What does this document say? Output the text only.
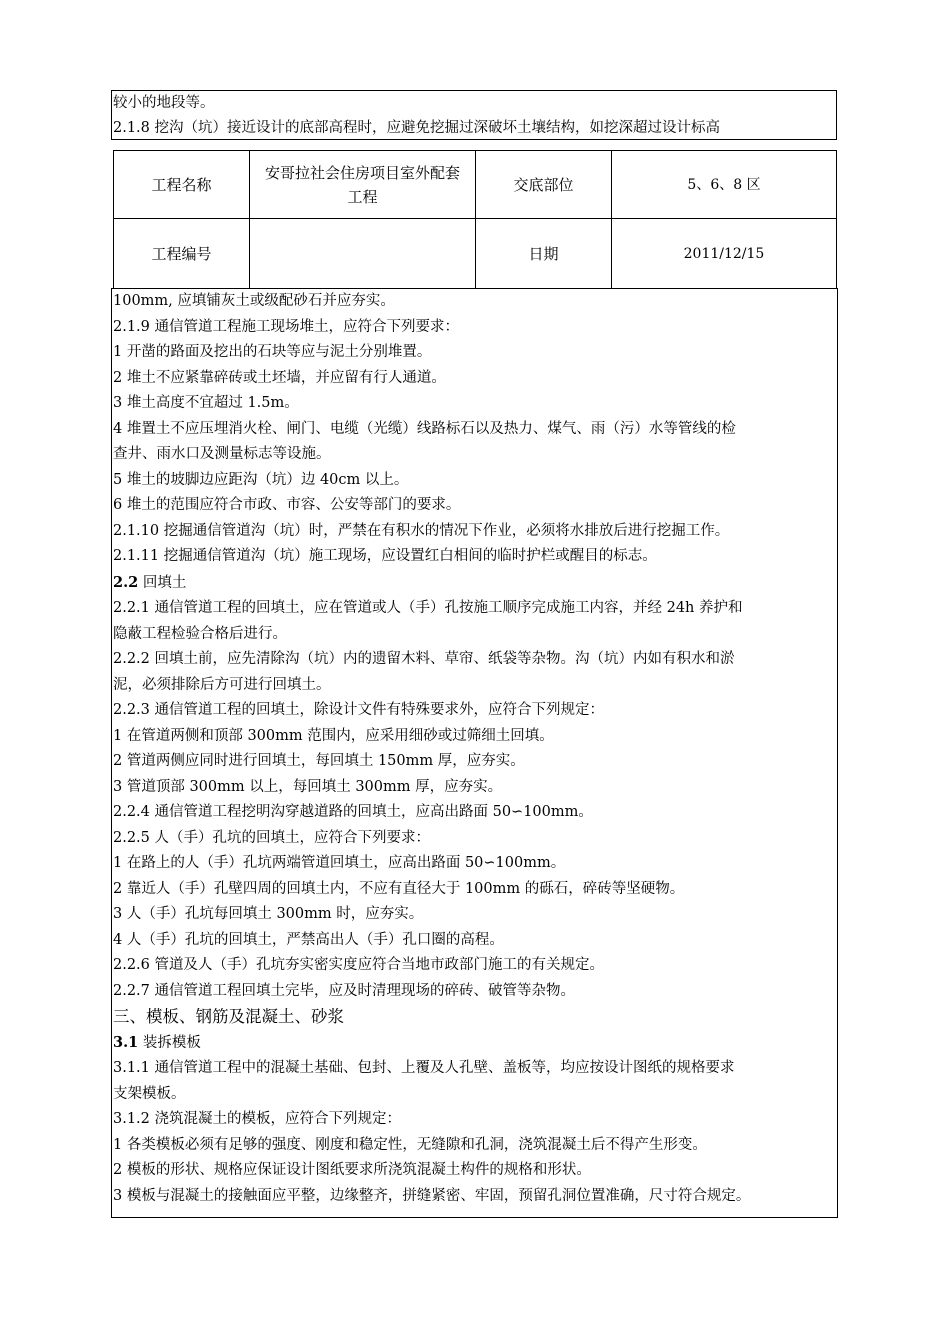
较小的地段等。
2.1.8 挖沟（坑）接近设计的底部高程时，应避免挖掘过深破坏土壤结构，如挖深超过设计标高
工程名称	安哥拉社会住房项目室外配套工程	交底部位	5、6、8 区
工程编号		日期	2011/12/15
100mm, 应填铺灰土或级配砂石并应夯实。
2.1.9 通信管道工程施工现场堆土，应符合下列要求：
1 开凿的路面及挖出的石块等应与泥土分别堆置。
2 堆土不应紧靠碎砖或土坯墙，并应留有行人通道。
3 堆土高度不宜超过 1.5m。
4 堆置土不应压埋消火栓、闸门、电缆（光缆）线路标石以及热力、煤气、雨（污）水等管线的检
查井、雨水口及测量标志等设施。
5 堆土的坡脚边应距沟（坑）边 40cm 以上。
6 堆土的范围应符合市政、市容、公安等部门的要求。
2.1.10 挖掘通信管道沟（坑）时，严禁在有积水的情况下作业，必须将水排放后进行挖掘工作。
2.1.11 挖掘通信管道沟（坑）施工现场，应设置红白相间的临时护栏或醒目的标志。
2.2 回填土
2.2.1 通信管道工程的回填土，应在管道或人（手）孔按施工顺序完成施工内容，并经 24h 养护和
隐蔽工程检验合格后进行。
2.2.2 回填土前，应先清除沟（坑）内的遗留木料、草帘、纸袋等杂物。沟（坑）内如有积水和淤
泥，必须排除后方可进行回填土。
2.2.3 通信管道工程的回填土，除设计文件有特殊要求外，应符合下列规定：
1 在管道两侧和顶部 300mm 范围内，应采用细砂或过筛细土回填。
2 管道两侧应同时进行回填土，每回填土 150mm 厚，应夯实。
3 管道顶部 300mm 以上，每回填土 300mm 厚，应夯实。
2.2.4 通信管道工程挖明沟穿越道路的回填土，应高出路面 50∽100mm。
2.2.5 人（手）孔坑的回填土，应符合下列要求：
1 在路上的人（手）孔坑两端管道回填土，应高出路面 50∽100mm。
2 靠近人（手）孔壁四周的回填土内，不应有直径大于 100mm 的砾石，碎砖等坚硬物。
3 人（手）孔坑每回填土 300mm 时，应夯实。
4 人（手）孔坑的回填土，严禁高出人（手）孔口圈的高程。
2.2.6 管道及人（手）孔坑夯实密实度应符合当地市政部门施工的有关规定。
2.2.7 通信管道工程回填土完毕，应及时清理现场的碎砖、破管等杂物。
三、模板、钢筋及混凝土、砂浆
3.1 装拆模板
3.1.1 通信管道工程中的混凝土基础、包封、上覆及人孔壁、盖板等，均应按设计图纸的规格要求
支架模板。
3.1.2 浇筑混凝土的模板，应符合下列规定：
1 各类模板必须有足够的强度、刚度和稳定性，无缝隙和孔洞，浇筑混凝土后不得产生形变。
2 模板的形状、规格应保证设计图纸要求所浇筑混凝土构件的规格和形状。
3 模板与混凝土的接触面应平整，边缘整齐，拼缝紧密、牢固，预留孔洞位置准确，尺寸符合规定。
